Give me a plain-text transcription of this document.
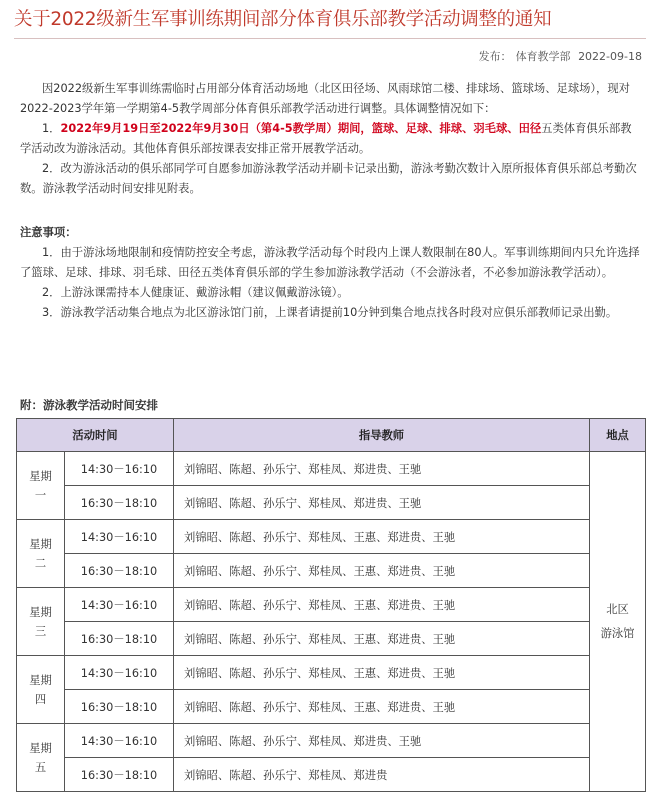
关于2022级新生军事训练期间部分体育俱乐部教学活动调整的通知
发布： 体育教学部 2022-09-18

因2022级新生军事训练需临时占用部分体育活动场地（北区田径场、风雨球馆二楼、排球场、篮球场、足球场），现对2022-2023学年第一学期第4-5教学周部分体育俱乐部教学活动进行调整。具体调整情况如下：

1．2022年9月19日至2022年9月30日（第4-5教学周）期间，篮球、足球、排球、羽毛球、田径五类体育俱乐部教学活动改为游泳活动。其他体育俱乐部按课表安排正常开展教学活动。

2．改为游泳活动的俱乐部同学可自愿参加游泳教学活动并刷卡记录出勤，游泳考勤次数计入原所报体育俱乐部总考勤次数。游泳教学活动时间安排见附表。

注意事项：

1．由于游泳场地限制和疫情防控安全考虑，游泳教学活动每个时段内上课人数限制在80人。军事训练期间内只允许选择了篮球、足球、排球、羽毛球、田径五类体育俱乐部的学生参加游泳教学活动（不会游泳者，不必参加游泳教学活动）。

2．上游泳课需持本人健康证、戴游泳帽（建议佩戴游泳镜）。

3．游泳教学活动集合地点为北区游泳馆门前，上课者请提前10分钟到集合地点找各时段对应俱乐部教师记录出勤。

附：游泳教学活动时间安排
活动时间		指导教师	地点
星期
一	14:30－16:10	刘锦昭、陈超、孙乐宁、郑桂凤、郑进贵、王驰	北区
游泳馆
	16:30－18:10	刘锦昭、陈超、孙乐宁、郑桂凤、郑进贵、王驰	
星期
二	14:30－16:10	刘锦昭、陈超、孙乐宁、郑桂凤、王惠、郑进贵、王驰	
	16:30－18:10	刘锦昭、陈超、孙乐宁、郑桂凤、王惠、郑进贵、王驰	
星期
三	14:30－16:10	刘锦昭、陈超、孙乐宁、郑桂凤、王惠、郑进贵、王驰	
	16:30－18:10	刘锦昭、陈超、孙乐宁、郑桂凤、王惠、郑进贵、王驰	
星期
四	14:30－16:10	刘锦昭、陈超、孙乐宁、郑桂凤、王惠、郑进贵、王驰	
	16:30－18:10	刘锦昭、陈超、孙乐宁、郑桂凤、王惠、郑进贵、王驰	
星期
五	14:30－16:10	刘锦昭、陈超、孙乐宁、郑桂凤、郑进贵、王驰	
	16:30－18:10	刘锦昭、陈超、孙乐宁、郑桂凤、郑进贵	
